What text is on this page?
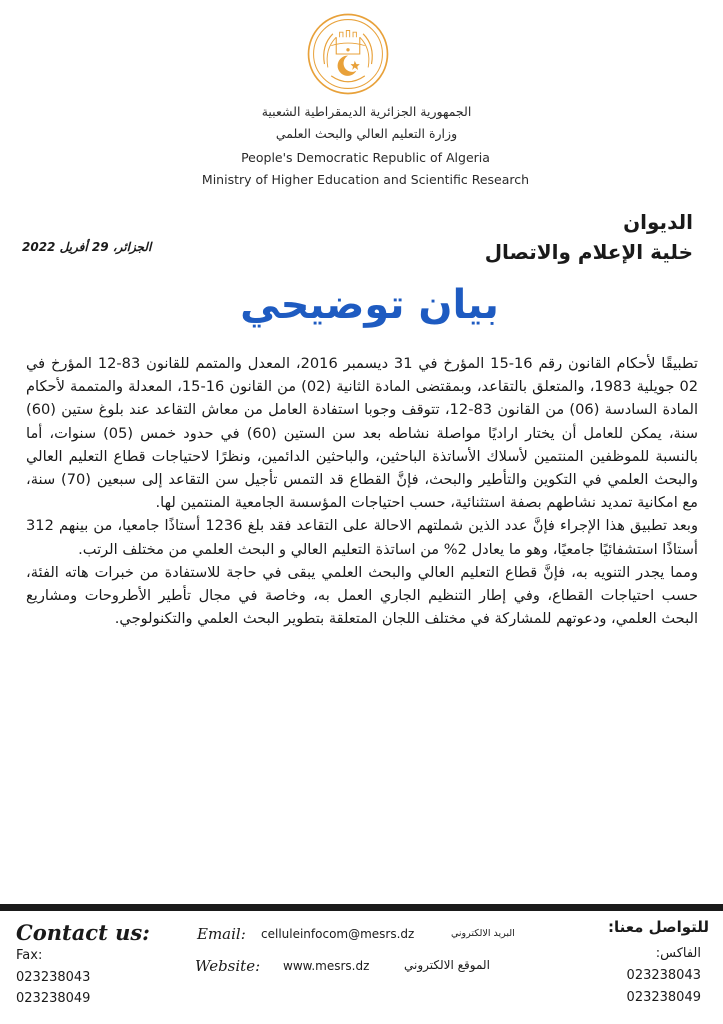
الجمهورية الجزائرية الديمقراطية الشعبية
وزارة التعليم العالي والبحث العلمي
People's Democratic Republic of Algeria
Ministry of Higher Education and Scientific Research
الديوان
خلية الإعلام والاتصال
الجزائر، 29 أفريل 2022
بيان توضيحي

تطبيقًا لأحكام القانون رقم 16-15 المؤرخ في 31 ديسمبر 2016، المعدل والمتمم للقانون 83-12 المؤرخ في 02 جويلية 1983، والمتعلق بالتقاعد، وبمقتضى المادة الثانية (02) من القانون 16-15، المعدلة والمتممة لأحكام المادة السادسة (06) من القانون 83-12، تتوقف وجوبا استفادة العامل من معاش التقاعد عند بلوغ ستين (60) سنة، يمكن للعامل أن يختار اراديًا مواصلة نشاطه بعد سن الستين (60) في حدود خمس (05) سنوات، أما بالنسبة للموظفين المنتمين لأسلاك الأساتذة الباحثين، والباحثين الدائمين، ونظرًا لاحتياجات قطاع التعليم العالي والبحث العلمي في التكوين والتأطير والبحث، فإنَّ القطاع قد التمس تأجيل سن التقاعد إلى سبعين (70) سنة، مع امكانية تمديد نشاطهم بصفة استثنائية، حسب احتياجات المؤسسة الجامعية المنتمين لها.

وبعد تطبيق هذا الإجراء فإنَّ عدد الذين شملتهم الاحالة على التقاعد فقد بلغ 1236 أستاذًا جامعيا، من بينهم 312 أستاذًا استشفائيًا جامعيًا، وهو ما يعادل 2% من اساتذة التعليم العالي و البحث العلمي من مختلف الرتب.

ومما يجدر التنويه به، فإنَّ قطاع التعليم العالي والبحث العلمي يبقى في حاجة للاستفادة من خبرات هاته الفئة، حسب احتياجات القطاع، وفي إطار التنظيم الجاري العمل به، وخاصة في مجال تأطير الأطروحات ومشاريع البحث العلمي، ودعوتهم للمشاركة في مختلف اللجان المتعلقة بتطوير البحث العلمي والتكنولوجي.

Contact us:
Fax:
023238043
023238049
Email: celluleinfocom@mesrs.dz	البريد الالكتروني
Website: www.mesrs.dz	الموقع الالكتروني
للتواصل معنا:
الفاكس:
023238043
023238049
